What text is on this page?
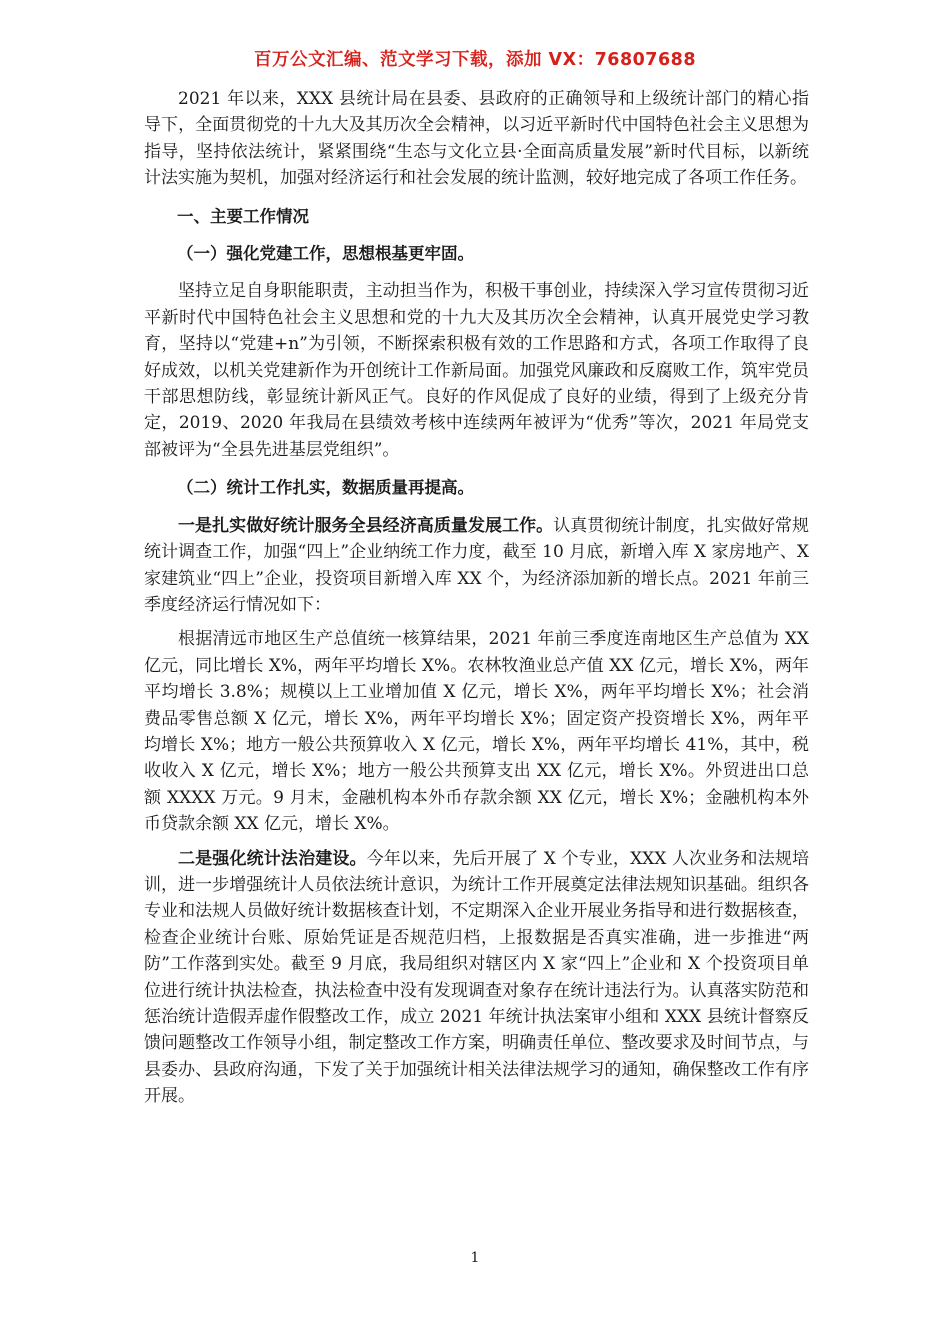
百万公文汇编、范文学习下载，添加 VX：76807688

2021 年以来，XXX 县统计局在县委、县政府的正确领导和上级统计部门的精心指导下，全面贯彻党的十九大及其历次全会精神，以习近平新时代中国特色社会主义思想为指导，坚持依法统计，紧紧围绕“生态与文化立县·全面高质量发展”新时代目标，以新统计法实施为契机，加强对经济运行和社会发展的统计监测，较好地完成了各项工作任务。

一、主要工作情况

（一）强化党建工作，思想根基更牢固。

坚持立足自身职能职责，主动担当作为，积极干事创业，持续深入学习宣传贯彻习近平新时代中国特色社会主义思想和党的十九大及其历次全会精神，认真开展党史学习教育，坚持以“党建+n”为引领，不断探索积极有效的工作思路和方式，各项工作取得了良好成效，以机关党建新作为开创统计工作新局面。加强党风廉政和反腐败工作，筑牢党员干部思想防线，彰显统计新风正气。良好的作风促成了良好的业绩，得到了上级充分肯定，2019、2020 年我局在县绩效考核中连续两年被评为“优秀”等次，2021 年局党支部被评为“全县先进基层党组织”。

（二）统计工作扎实，数据质量再提高。

一是扎实做好统计服务全县经济高质量发展工作。认真贯彻统计制度，扎实做好常规统计调查工作，加强“四上”企业纳统工作力度，截至 10 月底，新增入库 X 家房地产、X 家建筑业“四上”企业，投资项目新增入库 XX 个，为经济添加新的增长点。2021 年前三季度经济运行情况如下：

根据清远市地区生产总值统一核算结果，2021 年前三季度连南地区生产总值为 XX 亿元，同比增长 X%，两年平均增长 X%。农林牧渔业总产值 XX 亿元，增长 X%，两年平均增长 3.8%；规模以上工业增加值 X 亿元，增长 X%，两年平均增长 X%；社会消费品零售总额 X 亿元，增长 X%，两年平均增长 X%；固定资产投资增长 X%，两年平均增长 X%；地方一般公共预算收入 X 亿元，增长 X%，两年平均增长 41%，其中，税收收入 X 亿元，增长 X%；地方一般公共预算支出 XX 亿元，增长 X%。外贸进出口总额 XXXX 万元。9 月末，金融机构本外币存款余额 XX 亿元，增长 X%；金融机构本外币贷款余额 XX 亿元，增长 X%。

二是强化统计法治建设。今年以来，先后开展了 X 个专业，XXX 人次业务和法规培训，进一步增强统计人员依法统计意识，为统计工作开展奠定法律法规知识基础。组织各专业和法规人员做好统计数据核查计划，不定期深入企业开展业务指导和进行数据核查，检查企业统计台账、原始凭证是否规范归档，上报数据是否真实准确，进一步推进“两防”工作落到实处。截至 9 月底，我局组织对辖区内 X 家“四上”企业和 X 个投资项目单位进行统计执法检查，执法检查中没有发现调查对象存在统计违法行为。认真落实防范和惩治统计造假弄虚作假整改工作，成立 2021 年统计执法案审小组和 XXX 县统计督察反馈问题整改工作领导小组，制定整改工作方案，明确责任单位、整改要求及时间节点，与县委办、县政府沟通，下发了关于加强统计相关法律法规学习的通知，确保整改工作有序开展。

1
